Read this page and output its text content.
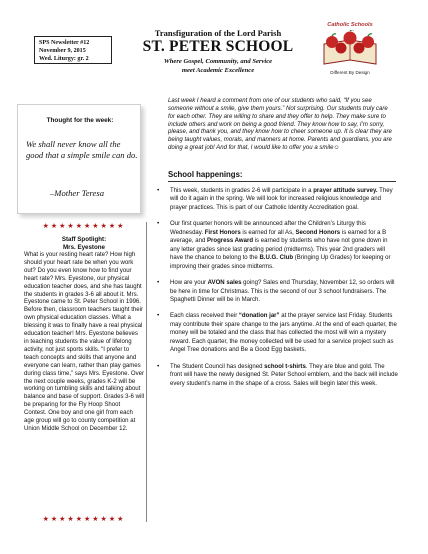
SPS Newsletter #12
November 9, 2015
Wed. Liturgy: gr. 2
Transfiguration of the Lord Parish
ST. PETER SCHOOL
Where Gospel, Community, and Service
meet Academic Excellence
Catholic Schools
Different By Design
Thought for the week:
We shall never know all the good that a simple smile can do.
–Mother Teresa
Last week I heard a comment from one of our students who said, “If you see someone without a smile, give them yours.” Not surprising. Our students truly care for each other. They are willing to share and they offer to help. They make sure to include others and work on being a good friend. They know how to say, I’m sorry, please, and thank you, and they know how to cheer someone up. It is clear they are being taught values, morals, and manners at home. Parents and guardians, you are doing a great job! And for that, I would like to offer you a smile☺
School happenings:
• This week, students in grades 2-6 will participate in a prayer attitude survey. They will do it again in the spring. We will look for increased religious knowledge and prayer practices. This is part of our Catholic Identity Accreditation goal.
• Our first quarter honors will be announced after the Children’s Liturgy this Wednesday. First Honors is earned for all As, Second Honors is earned for a B average, and Progress Award is earned by students who have not gone down in any letter grades since last grading period (midterms). This year 2nd graders will have the chance to belong to the B.U.G. Club (Bringing Up Grades) for keeping or improving their grades since midterms.
• How are your AVON sales going? Sales end Thursday, November 12, so orders will be here in time for Christmas. This is the second of our 3 school fundraisers. The Spaghetti Dinner will be in March.
• Each class received their “donation jar” at the prayer service last Friday. Students may contribute their spare change to the jars anytime. At the end of each quarter, the money will be totaled and the class that has collected the most will win a mystery reward. Each quarter, the money collected will be used for a service project such as Angel Tree donations and Be a Good Egg baskets.
• The Student Council has designed school t-shirts. They are blue and gold. The front will have the newly designed St. Peter School emblem, and the back will include every student’s name in the shape of a cross. Sales will begin later this week.
★★★★★★★★★★
Staff Spotlight:
Mrs. Eyestone
What is your resting heart rate? How high should your heart rate be when you work out? Do you even know how to find your heart rate? Mrs. Eyestone, our physical education teacher does, and she has taught the students in grades 3-6 all about it. Mrs. Eyestone came to St. Peter School in 1996. Before then, classroom teachers taught their own physical education classes. What a blessing it was to finally have a real physical education teacher! Mrs. Eyestone believes in teaching students the value of lifelong activity, not just sports skills. “I prefer to teach concepts and skills that anyone and everyone can learn, rather than play games during class time,” says Mrs. Eyestone. Over the next couple weeks, grades K-2 will be working on tumbling skills and talking about balance and base of support. Grades 3-6 will be preparing for the Fly Hoop Shoot Contest. One boy and one girl from each age group will go to county competition at Union Middle School on December 12.
★★★★★★★★★★
